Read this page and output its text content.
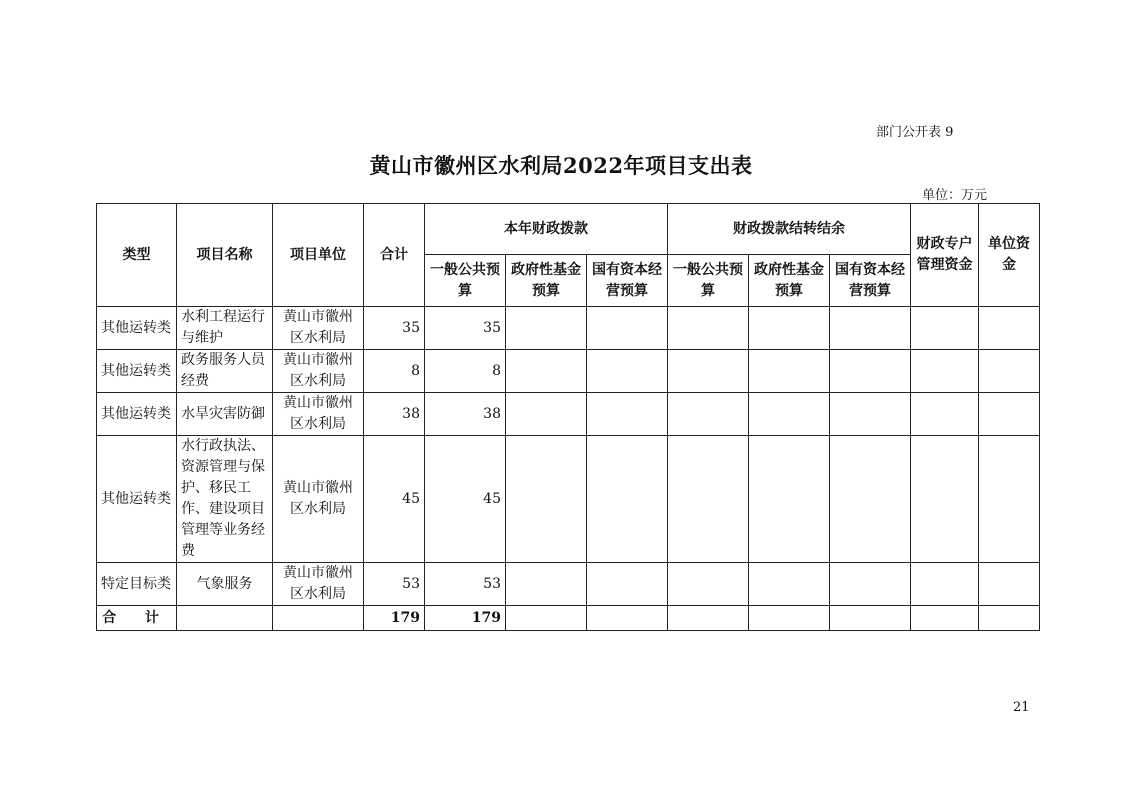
部门公开表 9
黄山市徽州区水利局2022年项目支出表
单位：万元
类型	项目名称	项目单位	合计	本年财政拨款			财政拨款结转结余			财政专户管理资金	单位资金
				一般公共预算	政府性基金预算	国有资本经营预算	一般公共预算	政府性基金预算	国有资本经营预算		
其他运转类	水利工程运行与维护	黄山市徽州区水利局	35	35							
其他运转类	政务服务人员经费	黄山市徽州区水利局	8	8							
其他运转类	水旱灾害防御	黄山市徽州区水利局	38	38							
其他运转类	水行政执法、资源管理与保护、移民工作、建设项目管理等业务经费	黄山市徽州区水利局	45	45							
特定目标类	气象服务	黄山市徽州区水利局	53	53							
合 计			179	179							
21
